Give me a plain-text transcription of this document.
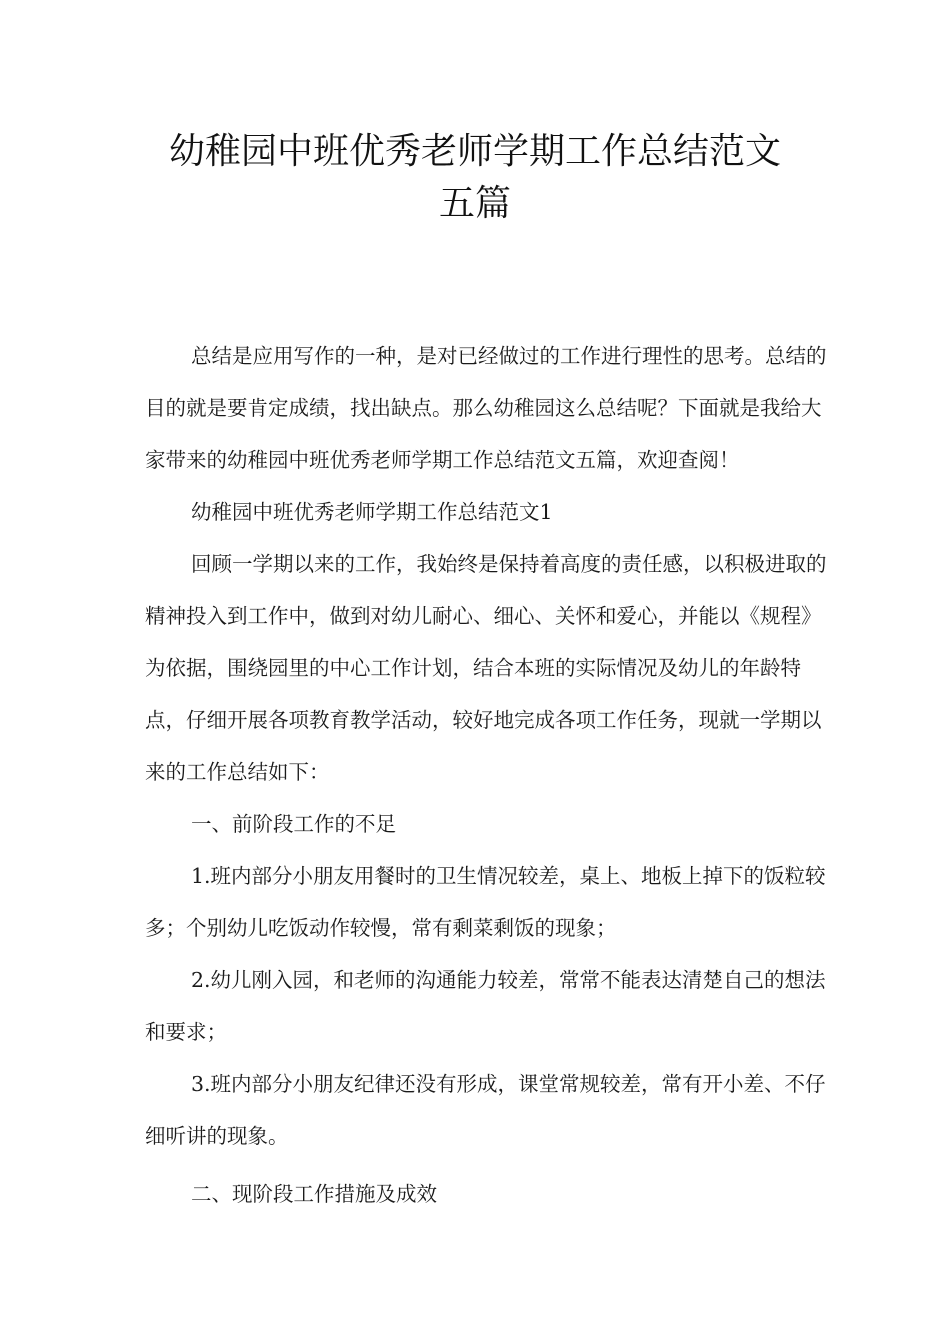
幼稚园中班优秀老师学期工作总结范文
五篇

总结是应用写作的一种，是对已经做过的工作进行理性的思考。总结的目的就是要肯定成绩，找出缺点。那么幼稚园这么总结呢？下面就是我给大家带来的幼稚园中班优秀老师学期工作总结范文五篇，欢迎查阅！

幼稚园中班优秀老师学期工作总结范文1

回顾一学期以来的工作，我始终是保持着高度的责任感，以积极进取的精神投入到工作中，做到对幼儿耐心、细心、关怀和爱心，并能以《规程》为依据，围绕园里的中心工作计划，结合本班的实际情况及幼儿的年龄特点，仔细开展各项教育教学活动，较好地完成各项工作任务，现就一学期以来的工作总结如下：

一、前阶段工作的不足

1.班内部分小朋友用餐时的卫生情况较差，桌上、地板上掉下的饭粒较多；个别幼儿吃饭动作较慢，常有剩菜剩饭的现象；

2.幼儿刚入园，和老师的沟通能力较差，常常不能表达清楚自己的想法和要求；

3.班内部分小朋友纪律还没有形成，课堂常规较差，常有开小差、不仔细听讲的现象。

二、现阶段工作措施及成效
